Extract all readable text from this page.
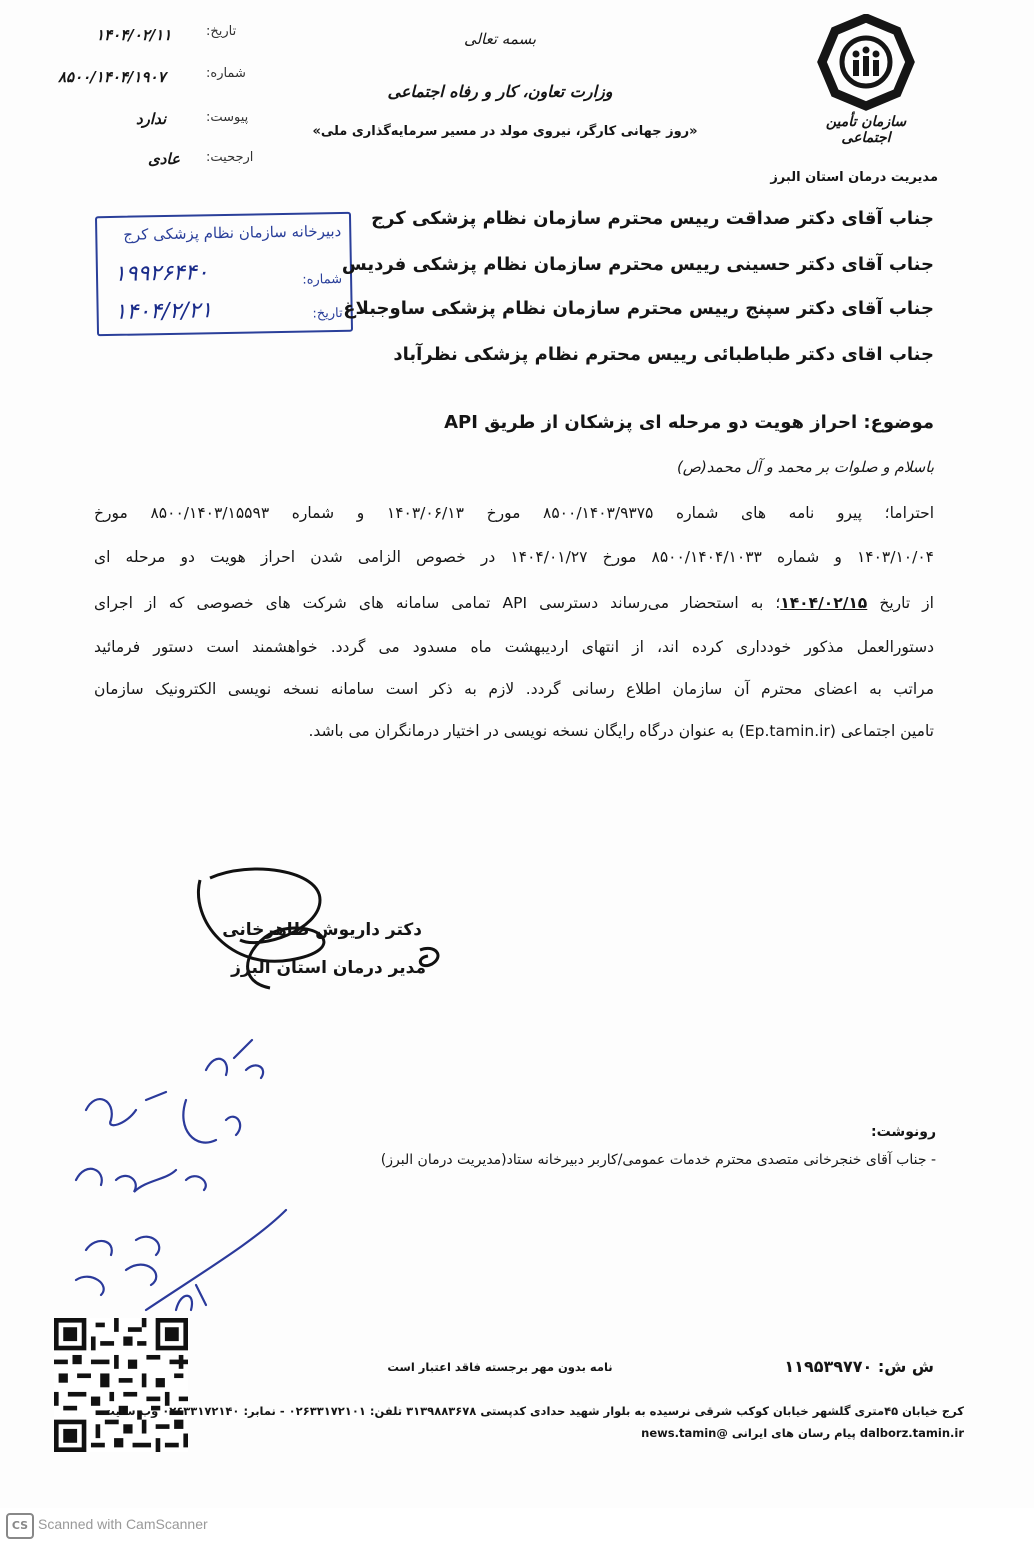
سازمان تأمین اجتماعی
بسمه تعالی
وزارت تعاون، کار و رفاه اجتماعی
«روز جهانی کارگر، نیروی مولد در مسیر سرمایه‌گذاری ملی»
مدیریت درمان استان البرز
تاریخ:
۱۴۰۴/۰۲/۱۱
شماره:
۸۵۰۰/۱۴۰۴/۱۹۰۷
پیوست:
ندارد
ارجحیت:
عادی
دبیرخانه سازمان نظام پزشکی کرج
شماره:
۱۹۹۲۶۴۴۰
تاریخ:
۱۴۰۴/۲/۲۱
جناب آقای دکتر صداقت رییس محترم سازمان نظام پزشکی کرج
جناب آقای دکتر حسینی رییس محترم سازمان نظام پزشکی فردیس
جناب آقای دکتر سپنج رییس محترم سازمان نظام پزشکی ساوجبلاغ
جناب اقای دکتر طباطبائی رییس محترم نظام پزشکی نظرآباد
موضوع: احراز هویت دو مرحله ای پزشکان از طریق API
باسلام و صلوات بر محمد و آل محمد(ص)
احتراما؛ پیرو نامه های شماره ۸۵۰۰/۱۴۰۳/۹۳۷۵ مورخ ۱۴۰۳/۰۶/۱۳ و شماره ۸۵۰۰/۱۴۰۳/۱۵۵۹۳ مورخ
۱۴۰۳/۱۰/۰۴ و شماره ۸۵۰۰/۱۴۰۴/۱۰۳۳ مورخ ۱۴۰۴/۰۱/۲۷ در خصوص الزامی شدن احراز هویت دو مرحله ای
از تاریخ ۱۴۰۴/۰۲/۱۵؛ به استحضار می‌رساند دسترسی API تمامی سامانه های شرکت های خصوصی که از اجرای
دستورالعمل مذکور خودداری کرده اند، از انتهای اردیبهشت ماه مسدود می گردد. خواهشمند است دستور فرمائید
مراتب به اعضای محترم آن سازمان اطلاع رسانی گردد. لازم به ذکر است سامانه نسخه نویسی الکترونیک سازمان
تامین اجتماعی (Ep.tamin.ir) به عنوان درگاه رایگان نسخه نویسی در اختیار درمانگران می باشد.
دکتر داریوش طاهرخانی
مدیر درمان استان البرز
رونوشت:
- جناب آقای خنجرخانی متصدی محترم خدمات عمومی/کاربر دبیرخانه ستاد(مدیریت درمان البرز)
ش ش: ۱۱۹۵۳۹۷۷۰
نامه بدون مهر برجسته فاقد اعتبار است
کرج خیابان ۴۵متری گلشهر خیابان کوکب شرقی نرسیده به بلوار شهید حدادی کدپستی ۳۱۳۹۸۸۳۶۷۸ تلفن: ۰۲۶۳۳۱۷۲۱۰۱ - نمابر: ۰۲۶۳۳۱۷۲۱۴۰ وب سایت
dalborz.tamin.ir پیام رسان های ایرانی @news.tamin
CS Scanned with CamScanner
